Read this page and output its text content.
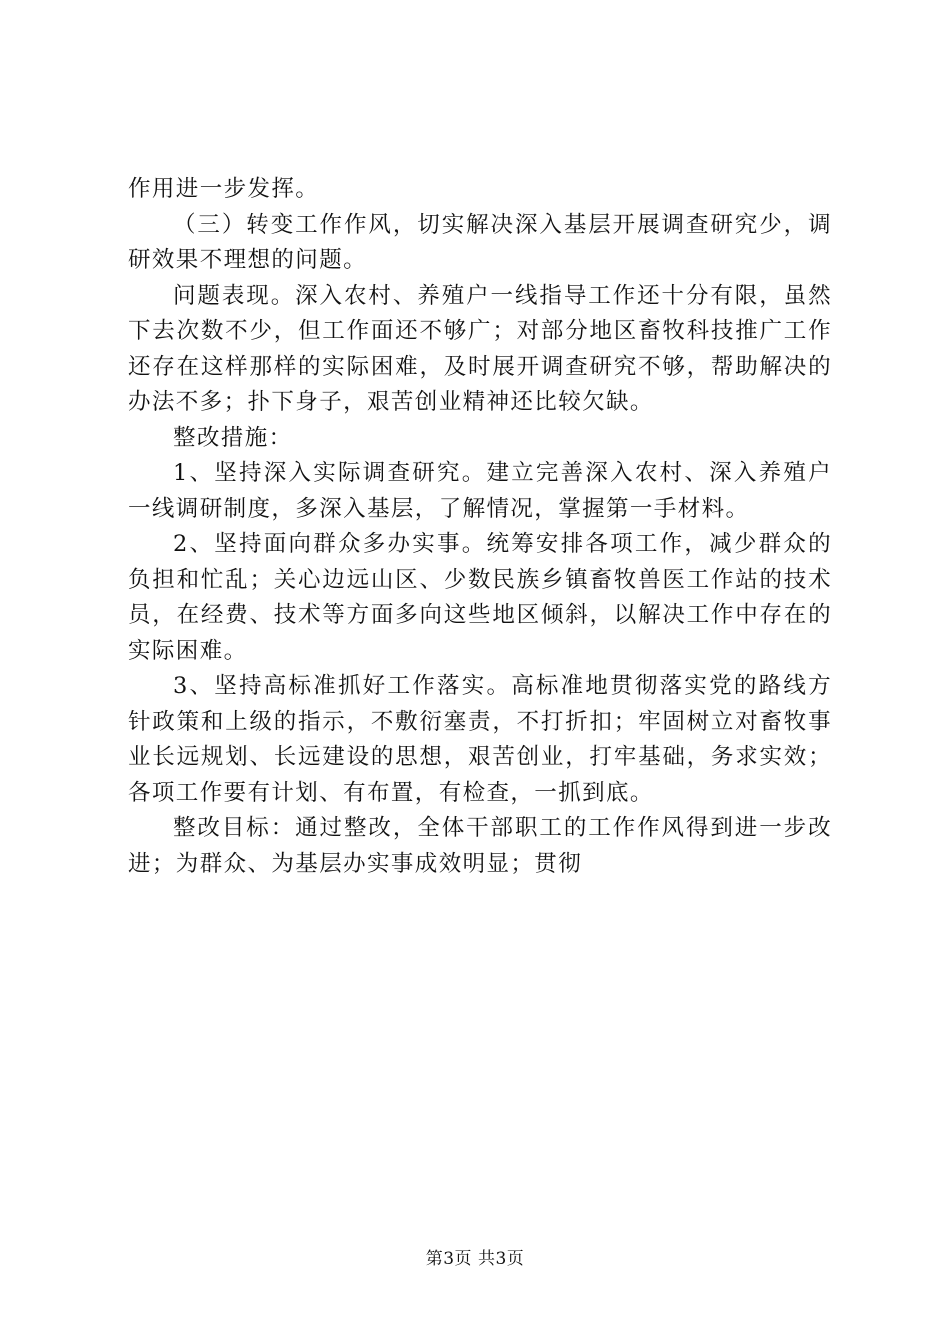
作用进一步发挥。

（三）转变工作作风，切实解决深入基层开展调查研究少，调研效果不理想的问题。

问题表现。深入农村、养殖户一线指导工作还十分有限，虽然下去次数不少，但工作面还不够广；对部分地区畜牧科技推广工作还存在这样那样的实际困难，及时展开调查研究不够，帮助解决的办法不多；扑下身子，艰苦创业精神还比较欠缺。

整改措施：

1、坚持深入实际调查研究。建立完善深入农村、深入养殖户一线调研制度，多深入基层，了解情况，掌握第一手材料。

2、坚持面向群众多办实事。统筹安排各项工作，减少群众的负担和忙乱；关心边远山区、少数民族乡镇畜牧兽医工作站的技术员，在经费、技术等方面多向这些地区倾斜，以解决工作中存在的实际困难。

3、坚持高标准抓好工作落实。高标准地贯彻落实党的路线方针政策和上级的指示，不敷衍塞责，不打折扣；牢固树立对畜牧事业长远规划、长远建设的思想，艰苦创业，打牢基础，务求实效；各项工作要有计划、有布置，有检查，一抓到底。

整改目标：通过整改，全体干部职工的工作作风得到进一步改进；为群众、为基层办实事成效明显；贯彻

第3页 共3页
